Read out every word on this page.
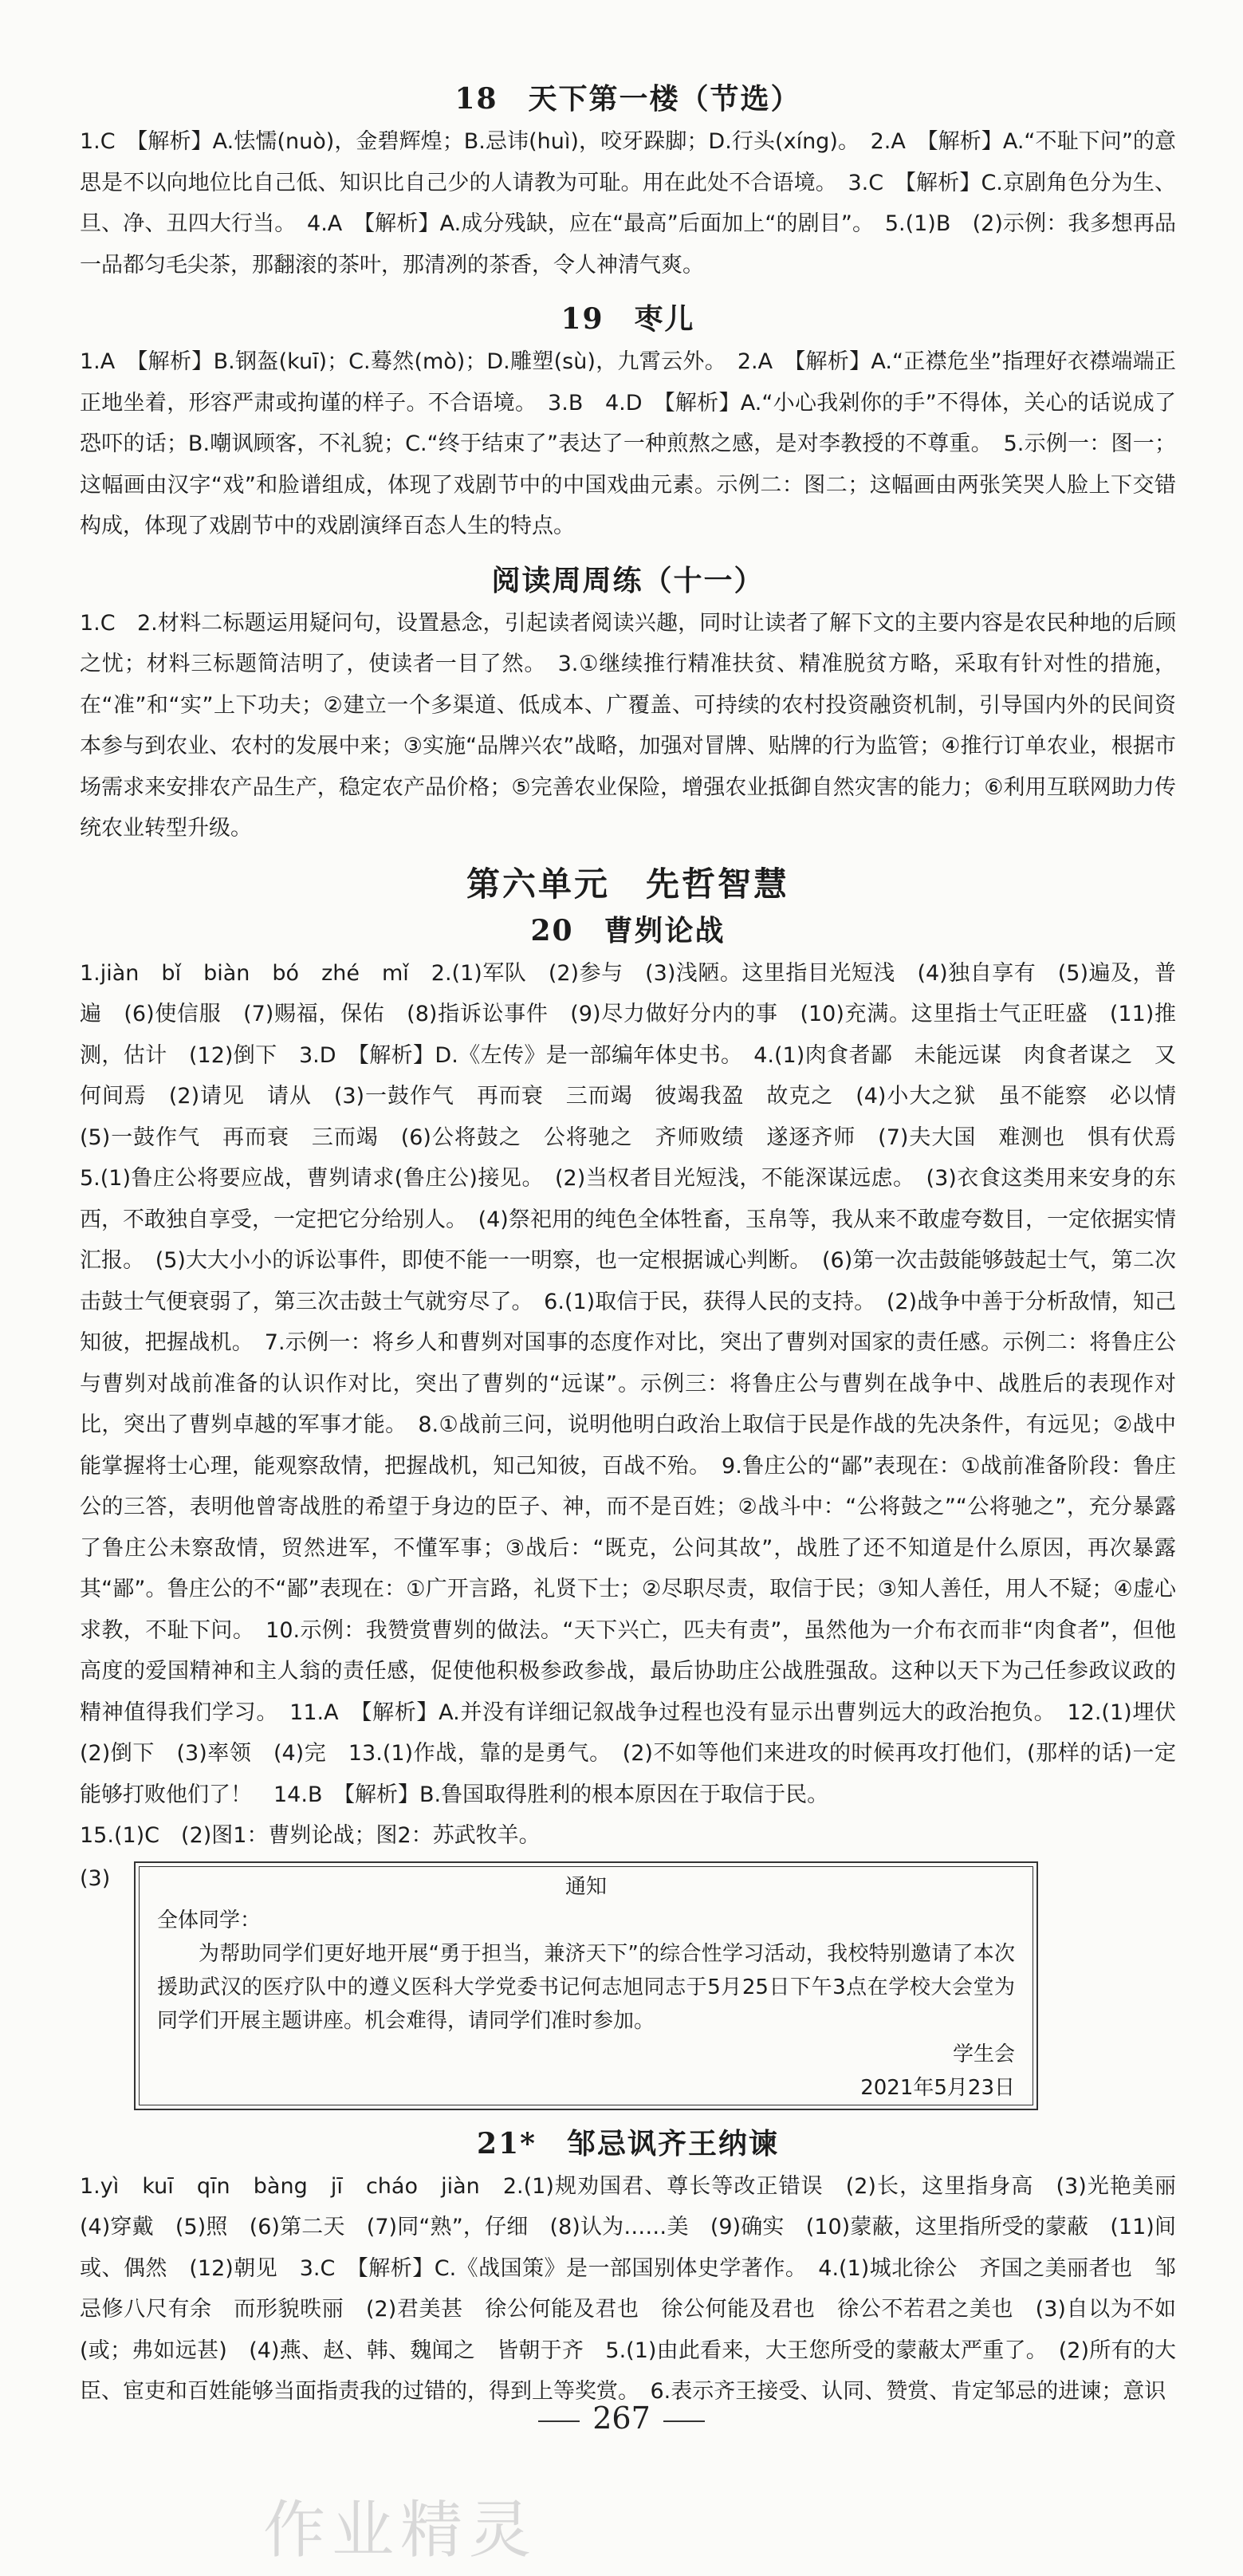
18　天下第一楼（节选）

1.C　【解析】A.怯懦(nuò)，金碧辉煌；B.忌讳(huì)，咬牙跺脚；D.行头(xíng)。　2.A　【解析】A.“不耻下问”的意思是不以向地位比自己低、知识比自己少的人请教为可耻。用在此处不合语境。　3.C　【解析】C.京剧角色分为生、旦、净、丑四大行当。　4.A　【解析】A.成分残缺，应在“最高”后面加上“的剧目”。　5.(1)B　(2)示例：我多想再品一品都匀毛尖茶，那翻滚的茶叶，那清冽的茶香，令人神清气爽。

19　枣儿

1.A　【解析】B.钢盔(kuī)；C.蓦然(mò)；D.雕塑(sù)，九霄云外。　2.A　【解析】A.“正襟危坐”指理好衣襟端端正正地坐着，形容严肃或拘谨的样子。不合语境。　3.B　4.D　【解析】A.“小心我剁你的手”不得体，关心的话说成了恐吓的话；B.嘲讽顾客，不礼貌；C.“终于结束了”表达了一种煎熬之感，是对李教授的不尊重。　5.示例一：图一；这幅画由汉字“戏”和脸谱组成，体现了戏剧节中的中国戏曲元素。示例二：图二；这幅画由两张笑哭人脸上下交错构成，体现了戏剧节中的戏剧演绎百态人生的特点。

阅读周周练（十一）

1.C　2.材料二标题运用疑问句，设置悬念，引起读者阅读兴趣，同时让读者了解下文的主要内容是农民种地的后顾之忧；材料三标题简洁明了，使读者一目了然。　3.①继续推行精准扶贫、精准脱贫方略，采取有针对性的措施，在“准”和“实”上下功夫；②建立一个多渠道、低成本、广覆盖、可持续的农村投资融资机制，引导国内外的民间资本参与到农业、农村的发展中来；③实施“品牌兴农”战略，加强对冒牌、贴牌的行为监管；④推行订单农业，根据市场需求来安排农产品生产，稳定农产品价格；⑤完善农业保险，增强农业抵御自然灾害的能力；⑥利用互联网助力传统农业转型升级。

第六单元　先哲智慧
20　曹刿论战

1.jiàn　bǐ　biàn　bó　zhé　mǐ　2.(1)军队　(2)参与　(3)浅陋。这里指目光短浅　(4)独自享有　(5)遍及，普遍　(6)使信服　(7)赐福，保佑　(8)指诉讼事件　(9)尽力做好分内的事　(10)充满。这里指士气正旺盛　(11)推测，估计　(12)倒下　3.D　【解析】D.《左传》是一部编年体史书。　4.(1)肉食者鄙　未能远谋　肉食者谋之　又何间焉　(2)请见　请从　(3)一鼓作气　再而衰　三而竭　彼竭我盈　故克之　(4)小大之狱　虽不能察　必以情　(5)一鼓作气　再而衰　三而竭　(6)公将鼓之　公将驰之　齐师败绩　遂逐齐师　(7)夫大国　难测也　惧有伏焉　5.(1)鲁庄公将要应战，曹刿请求(鲁庄公)接见。　(2)当权者目光短浅，不能深谋远虑。　(3)衣食这类用来安身的东西，不敢独自享受，一定把它分给别人。　(4)祭祀用的纯色全体牲畜，玉帛等，我从来不敢虚夸数目，一定依据实情汇报。　(5)大大小小的诉讼事件，即使不能一一明察，也一定根据诚心判断。　(6)第一次击鼓能够鼓起士气，第二次击鼓士气便衰弱了，第三次击鼓士气就穷尽了。　6.(1)取信于民，获得人民的支持。　(2)战争中善于分析敌情，知己知彼，把握战机。　7.示例一：将乡人和曹刿对国事的态度作对比，突出了曹刿对国家的责任感。示例二：将鲁庄公与曹刿对战前准备的认识作对比，突出了曹刿的“远谋”。示例三：将鲁庄公与曹刿在战争中、战胜后的表现作对比，突出了曹刿卓越的军事才能。　8.①战前三问，说明他明白政治上取信于民是作战的先决条件，有远见；②战中能掌握将士心理，能观察敌情，把握战机，知己知彼，百战不殆。　9.鲁庄公的“鄙”表现在：①战前准备阶段：鲁庄公的三答，表明他曾寄战胜的希望于身边的臣子、神，而不是百姓；②战斗中：“公将鼓之”“公将驰之”，充分暴露了鲁庄公未察敌情，贸然进军，不懂军事；③战后：“既克，公问其故”，战胜了还不知道是什么原因，再次暴露其“鄙”。鲁庄公的不“鄙”表现在：①广开言路，礼贤下士；②尽职尽责，取信于民；③知人善任，用人不疑；④虚心求教，不耻下问。　10.示例：我赞赏曹刿的做法。“天下兴亡，匹夫有责”，虽然他为一介布衣而非“肉食者”，但他高度的爱国精神和主人翁的责任感，促使他积极参政参战，最后协助庄公战胜强敌。这种以天下为己任参政议政的精神值得我们学习。　11.A　【解析】A.并没有详细记叙战争过程也没有显示出曹刿远大的政治抱负。　12.(1)埋伏　(2)倒下　(3)率领　(4)完　13.(1)作战，靠的是勇气。　(2)不如等他们来进攻的时候再攻打他们，(那样的话)一定能够打败他们了！　14.B　【解析】B.鲁国取得胜利的根本原因在于取信于民。

15.(1)C　(2)图1：曹刿论战；图2：苏武牧羊。

(3)	通知
全体同学：
为帮助同学们更好地开展“勇于担当，兼济天下”的综合性学习活动，我校特别邀请了本次援助武汉的医疗队中的遵义医科大学党委书记何志旭同志于5月25日下午3点在学校大会堂为同学们开展主题讲座。机会难得，请同学们准时参加。
学生会
2021年5月23日
21*　邹忌讽齐王纳谏

1.yì　kuī　qīn　bàng　jī　cháo　jiàn　2.(1)规劝国君、尊长等改正错误　(2)长，这里指身高　(3)光艳美丽　(4)穿戴　(5)照　(6)第二天　(7)同“熟”，仔细　(8)认为……美　(9)确实　(10)蒙蔽，这里指所受的蒙蔽　(11)间或、偶然　(12)朝见　3.C　【解析】C.《战国策》是一部国别体史学著作。　4.(1)城北徐公　齐国之美丽者也　邹忌修八尺有余　而形貌昳丽　(2)君美甚　徐公何能及君也　徐公何能及君也　徐公不若君之美也　(3)自以为不如(或；弗如远甚)　(4)燕、赵、韩、魏闻之　皆朝于齐　5.(1)由此看来，大王您所受的蒙蔽太严重了。　(2)所有的大臣、宦吏和百姓能够当面指责我的过错的，得到上等奖赏。　6.表示齐王接受、认同、赞赏、肯定邹忌的进谏；意识

267
作业精灵
